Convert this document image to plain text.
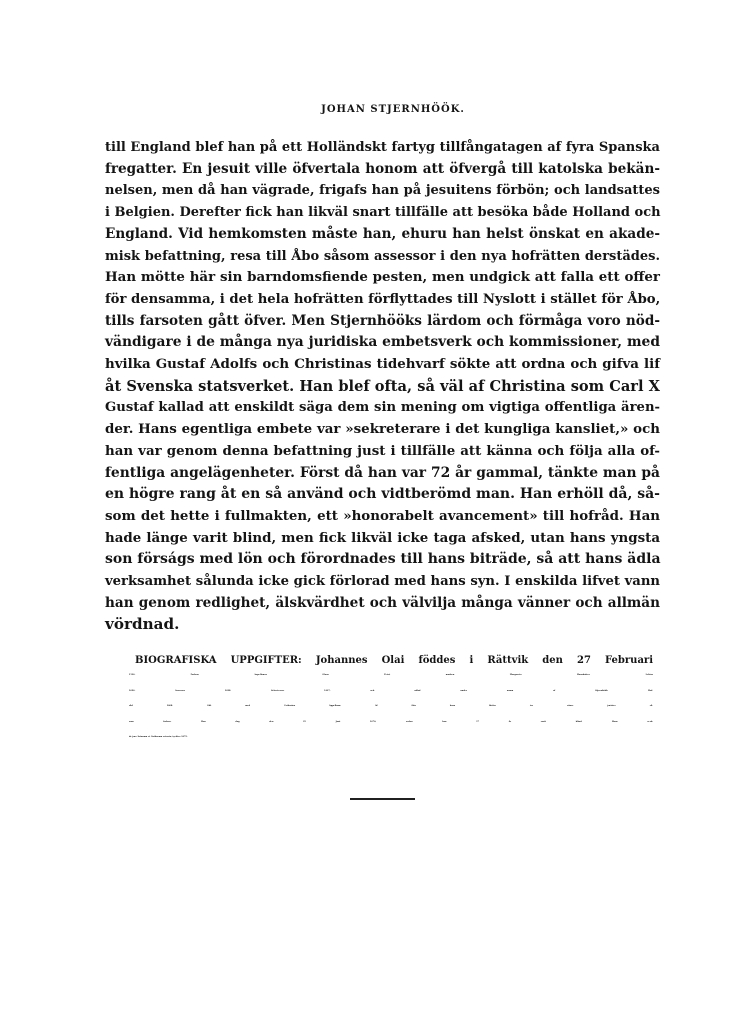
JOHAN STJERNHÖÖK.
till England blef han på ett Holländskt fartyg tillfångatagen af fyra Spanska
fregatter. En jesuit ville öfvertala honom att öfvergå till katolska bekän-
nelsen, men då han vägrade, frigafs han på jesuitens förbön; och landsattes
i Belgien. Derefter fick han likväl snart tillfälle att besöka både Holland och
England. Vid hemkomsten måste han, ehuru han helst önskat en akade-
misk befattning, resa till Åbo såsom assessor i den nya hofrätten derstädes.
Han mötte här sin barndomsfiende pesten, men undgick att falla ett offer
för densamma, i det hela hofrätten förflyttades till Nyslott i stället för Åbo,
tills farsoten gått öfver. Men Stjernhööks lärdom och förmåga voro nöd-
vändigare i de många nya juridiska embetsverk och kommissioner, med
hvilka Gustaf Adolfs och Christinas tidehvarf sökte att ordna och gifva lif
åt Svenska statsverket. Han blef ofta, så väl af Christina som Carl X
Gustaf kallad att enskildt säga dem sin mening om vigtiga offentliga ären-
der. Hans egentliga embete var »sekreterare i det kungliga kansliet,» och
han var genom denna befattning just i tillfälle att känna och följa alla of-
fentliga angelägenheter. Först då han var 72 år gammal, tänkte man på
en högre rang åt en så använd och vidtberömd man. Han erhöll då, så-
som det hette i fullmakten, ett »honorabelt avancement» till hofråd. Han
hade länge varit blind, men fick likväl icke taga afsked, utan hans yngsta
son förságs med lön och förordnades till hans biträde, så att hans ädla
verksamhet sålunda icke gick förlorad med hans syn. I enskilda lifvet vann
han genom redlighet, älskvärdhet och välvilja många vänner och allmän
vördnad.
BIOGRAFISKA UPPGIFTER: Johannes Olai föddes i Rättvik den 27 Februari
1596. Fadren, kapellanen Olaus Petri, modren Margareta Hansdotter. Lektor
1626. Assessor 1628. Sekreterare 1647, och adlad under namn af Stjernhöök. Hof-
råd 1668. Gift med Catharina Appelbom. Af åtta barn blefvo tre söner jurister så-
som fadren. Han dog den 25 Juni 1676, sedan han 17 år varit blind. Hans verk:
de jure Svionum et Gothorum vetusto, tycktes 1672.
